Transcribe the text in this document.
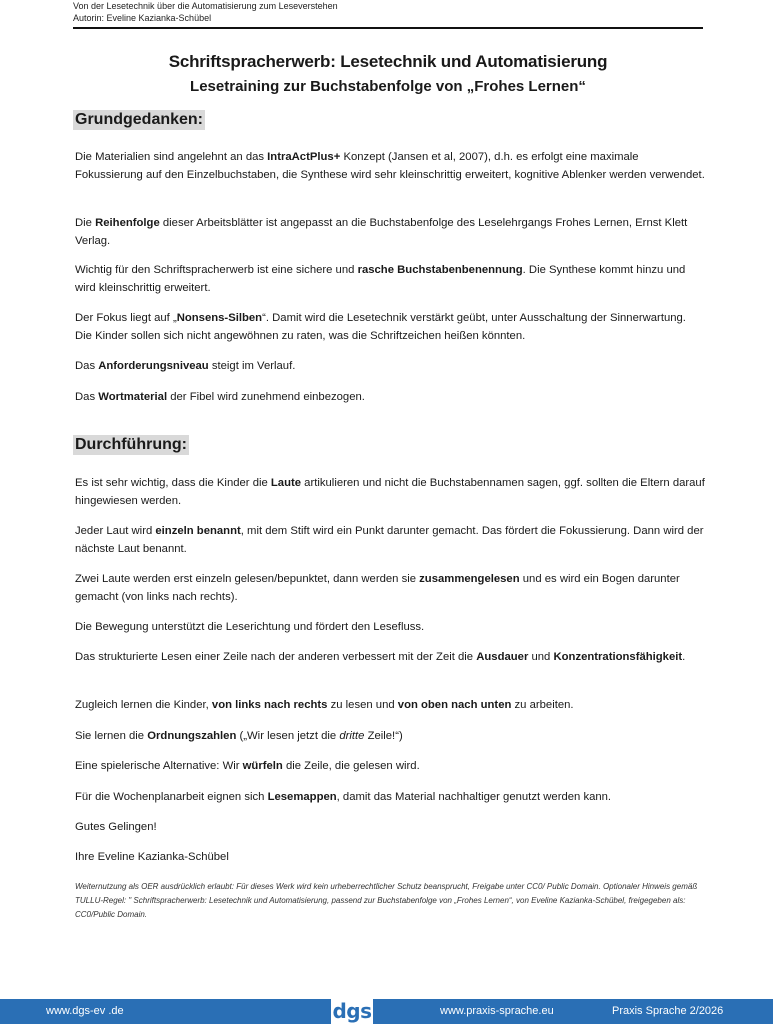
Von der Lesetechnik über die Automatisierung zum Leseverstehen
Autorin: Eveline Kazianka-Schübel
Schriftspracherwerb: Lesetechnik und Automatisierung
Lesetraining zur Buchstabenfolge von „Frohes Lernen“
Grundgedanken:
Die Materialien sind angelehnt an das IntraActPlus+ Konzept (Jansen et al, 2007), d.h. es erfolgt eine maximale Fokussierung auf den Einzelbuchstaben, die Synthese wird sehr kleinschrittig erweitert, kognitive Ablenker werden verwendet.
Die Reihenfolge dieser Arbeitsblätter ist angepasst an die Buchstabenfolge des Leselehrgangs Frohes Lernen, Ernst Klett Verlag.
Wichtig für den Schriftspracherwerb ist eine sichere und rasche Buchstabenbenennung. Die Synthese kommt hinzu und wird kleinschrittig erweitert.
Der Fokus liegt auf „Nonsens-Silben“. Damit wird die Lesetechnik verstärkt geübt, unter Ausschaltung der Sinnerwartung. Die Kinder sollen sich nicht angewöhnen zu raten, was die Schriftzeichen heißen könnten.
Das Anforderungsniveau steigt im Verlauf.
Das Wortmaterial der Fibel wird zunehmend einbezogen.
Durchführung:
Es ist sehr wichtig, dass die Kinder die Laute artikulieren und nicht die Buchstabennamen sagen, ggf. sollten die Eltern darauf hingewiesen werden.
Jeder Laut wird einzeln benannt, mit dem Stift wird ein Punkt darunter gemacht. Das fördert die Fokussierung. Dann wird der nächste Laut benannt.
Zwei Laute werden erst einzeln gelesen/bepunktet, dann werden sie zusammengelesen und es wird ein Bogen darunter gemacht (von links nach rechts).
Die Bewegung unterstützt die Leserichtung und fördert den Lesefluss.
Das strukturierte Lesen einer Zeile nach der anderen verbessert mit der Zeit die Ausdauer und Konzentrationsfähigkeit.
Zugleich lernen die Kinder, von links nach rechts zu lesen und von oben nach unten zu arbeiten.
Sie lernen die Ordnungszahlen („Wir lesen jetzt die dritte Zeile!“)
Eine spielerische Alternative: Wir würfeln die Zeile, die gelesen wird.
Für die Wochenplanarbeit eignen sich Lesemappen, damit das Material nachhaltiger genutzt werden kann.
Gutes Gelingen!
Ihre Eveline Kazianka-Schübel
Weiternutzung als OER ausdrücklich erlaubt: Für dieses Werk wird kein urheberrechtlicher Schutz beansprucht, Freigabe unter CC0/ Public Domain. Optionaler Hinweis gemäß TULLU-Regel: " Schriftspracherwerb: Lesetechnik und Automatisierung, passend zur Buchstabenfolge von „Frohes Lernen“, von Eveline Kazianka-Schübel, freigegeben als: CC0/Public Domain.
www.dgs-ev .de	www.praxis-sprache.eu	Praxis Sprache 2/2026
dgs
